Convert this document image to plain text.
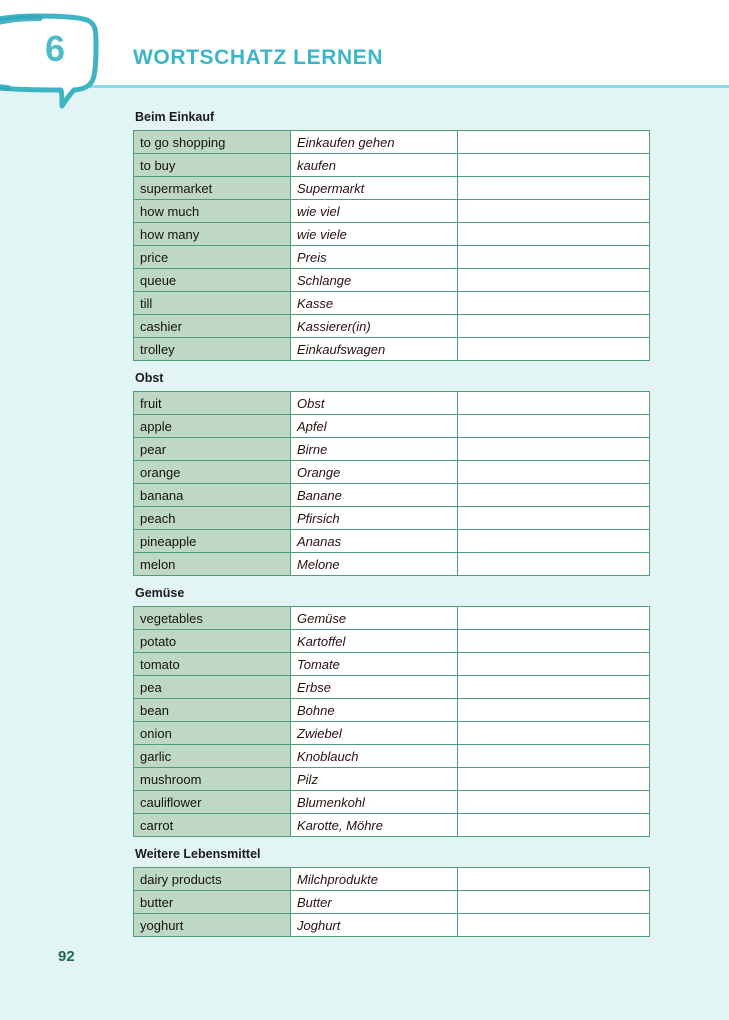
6	WORTSCHATZ LERNEN
Beim Einkauf
to go shopping	Einkaufen gehen	
to buy	kaufen	
supermarket	Supermarkt	
how much	wie viel	
how many	wie viele	
price	Preis	
queue	Schlange	
till	Kasse	
cashier	Kassierer(in)	
trolley	Einkaufswagen	
Obst
fruit	Obst	
apple	Apfel	
pear	Birne	
orange	Orange	
banana	Banane	
peach	Pfirsich	
pineapple	Ananas	
melon	Melone	
Gemüse
vegetables	Gemüse	
potato	Kartoffel	
tomato	Tomate	
pea	Erbse	
bean	Bohne	
onion	Zwiebel	
garlic	Knoblauch	
mushroom	Pilz	
cauliflower	Blumenkohl	
carrot	Karotte, Möhre	
Weitere Lebensmittel
dairy products	Milchprodukte	
butter	Butter	
yoghurt	Joghurt	
92
